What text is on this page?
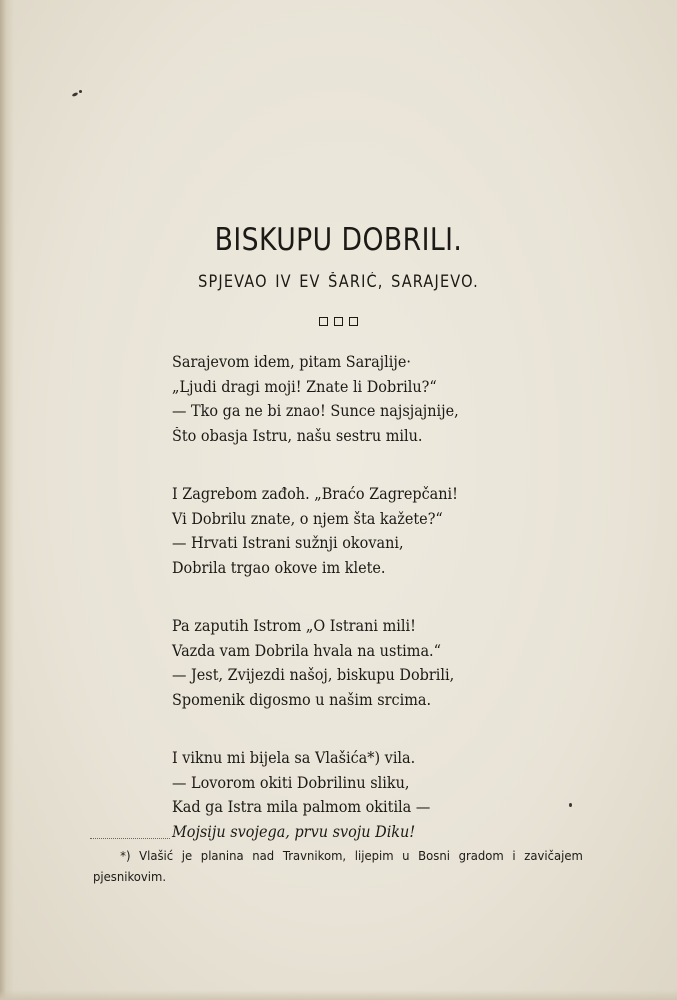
BISKUPU DOBRILI.
SPJEVAO IV EV ŠARIĆ, SARAJEVO.
Sarajevom idem, pitam Sarajlije·
„Ljudi dragi moji! Znate li Dobrilu?“
— Tko ga ne bi znao! Sunce najsjajnije,
Što obasja Istru, našu sestru milu.
I Zagrebom zađoh. „Braćo Zagrepčani!
Vi Dobrilu znate, o njem šta kažete?“
— Hrvati Istrani sužnji okovani,
Dobrila trgao okove im klete.
Pa zaputih Istrom „O Istrani mili!
Vazda vam Dobrila hvala na ustima.“
— Jest, Zvijezdi našoj, biskupu Dobrili,
Spomenik digosmo u našim srcima.
I viknu mi bijela sa Vlašića*) vila.
— Lovorom okiti Dobrilinu sliku,
Kad ga Istra mila palmom okitila —
Mojsiju svojega, prvu svoju Diku!
*) Vlašić je planina nad Travnikom, lijepim u Bosni gradom i zavičajem pjesnikovim.
